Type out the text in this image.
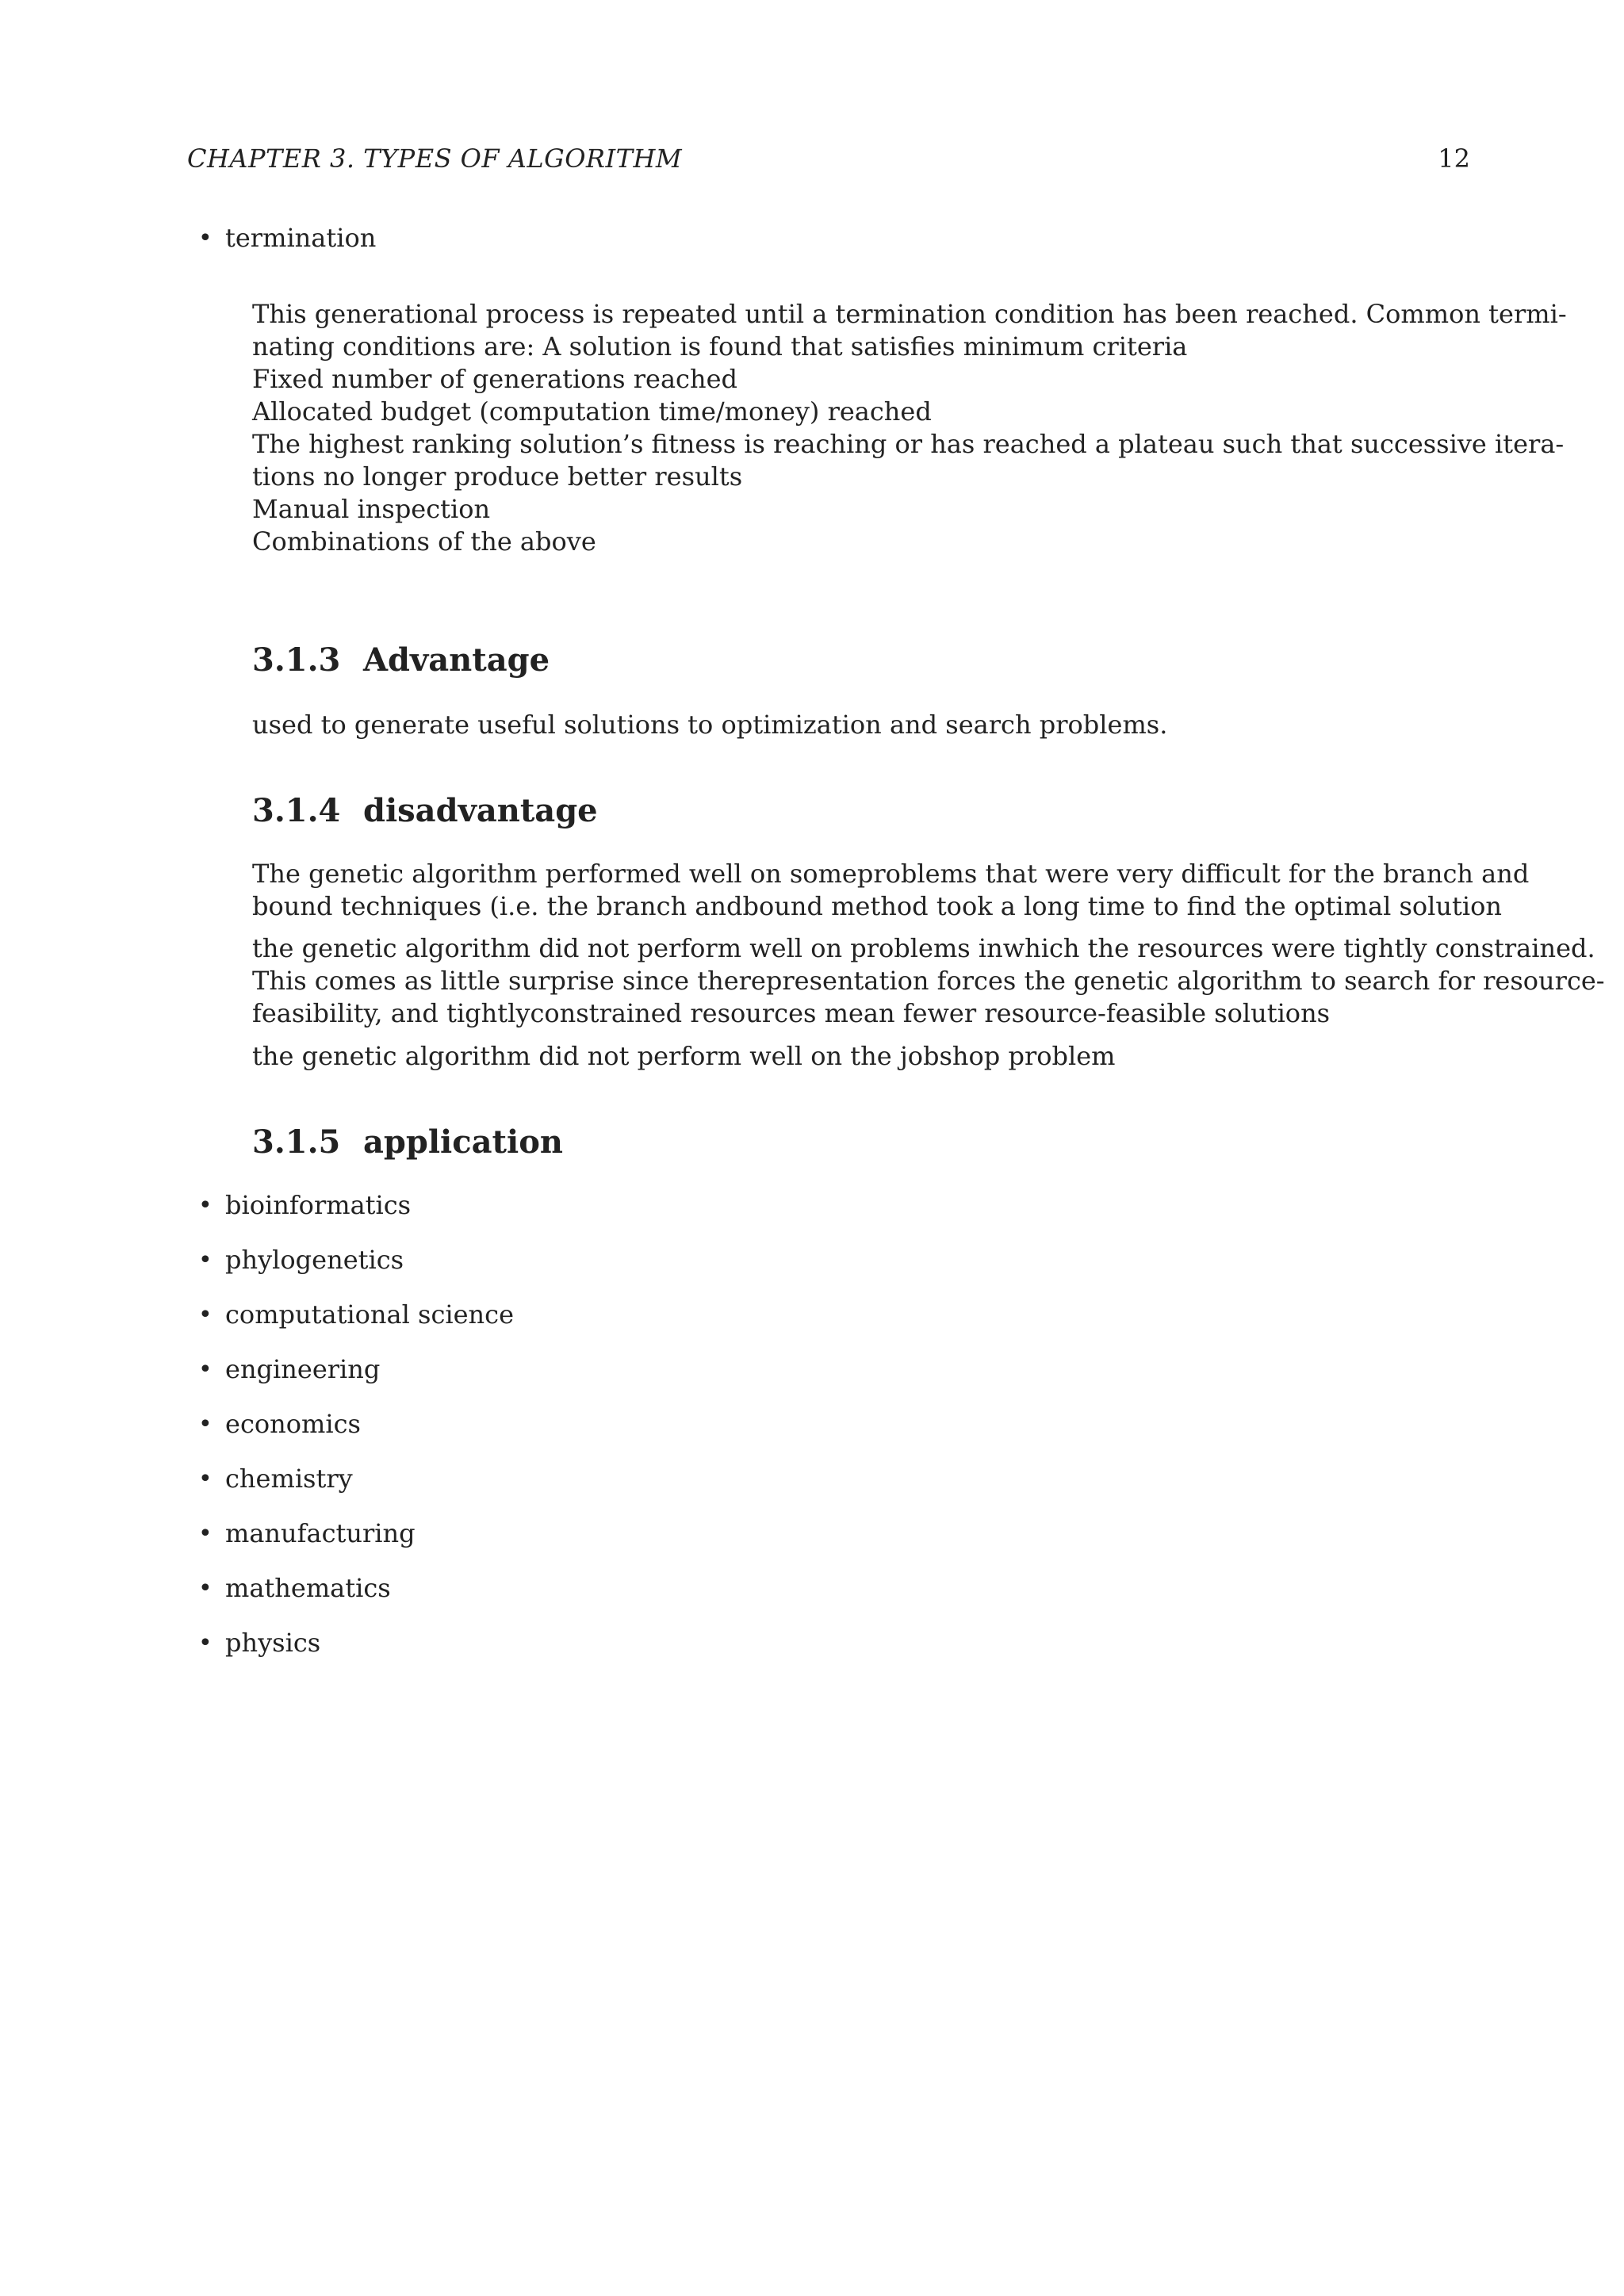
CHAPTER 3. TYPES OF ALGORITHM	12
• termination
This generational process is repeated until a termination condition has been reached. Common termi-
nating conditions are: A solution is found that satisfies minimum criteria
Fixed number of generations reached
Allocated budget (computation time/money) reached
The highest ranking solution’s fitness is reaching or has reached a plateau such that successive itera-
tions no longer produce better results
Manual inspection
Combinations of the above
3.1.3 Advantage
used to generate useful solutions to optimization and search problems.
3.1.4 disadvantage
The genetic algorithm performed well on someproblems that were very difficult for the branch and
bound techniques (i.e. the branch andbound method took a long time to find the optimal solution
the genetic algorithm did not perform well on problems inwhich the resources were tightly constrained.
This comes as little surprise since therepresentation forces the genetic algorithm to search for resource-
feasibility, and tightlyconstrained resources mean fewer resource-feasible solutions
the genetic algorithm did not perform well on the jobshop problem
3.1.5 application
• bioinformatics
• phylogenetics
• computational science
• engineering
• economics
• chemistry
• manufacturing
• mathematics
• physics
